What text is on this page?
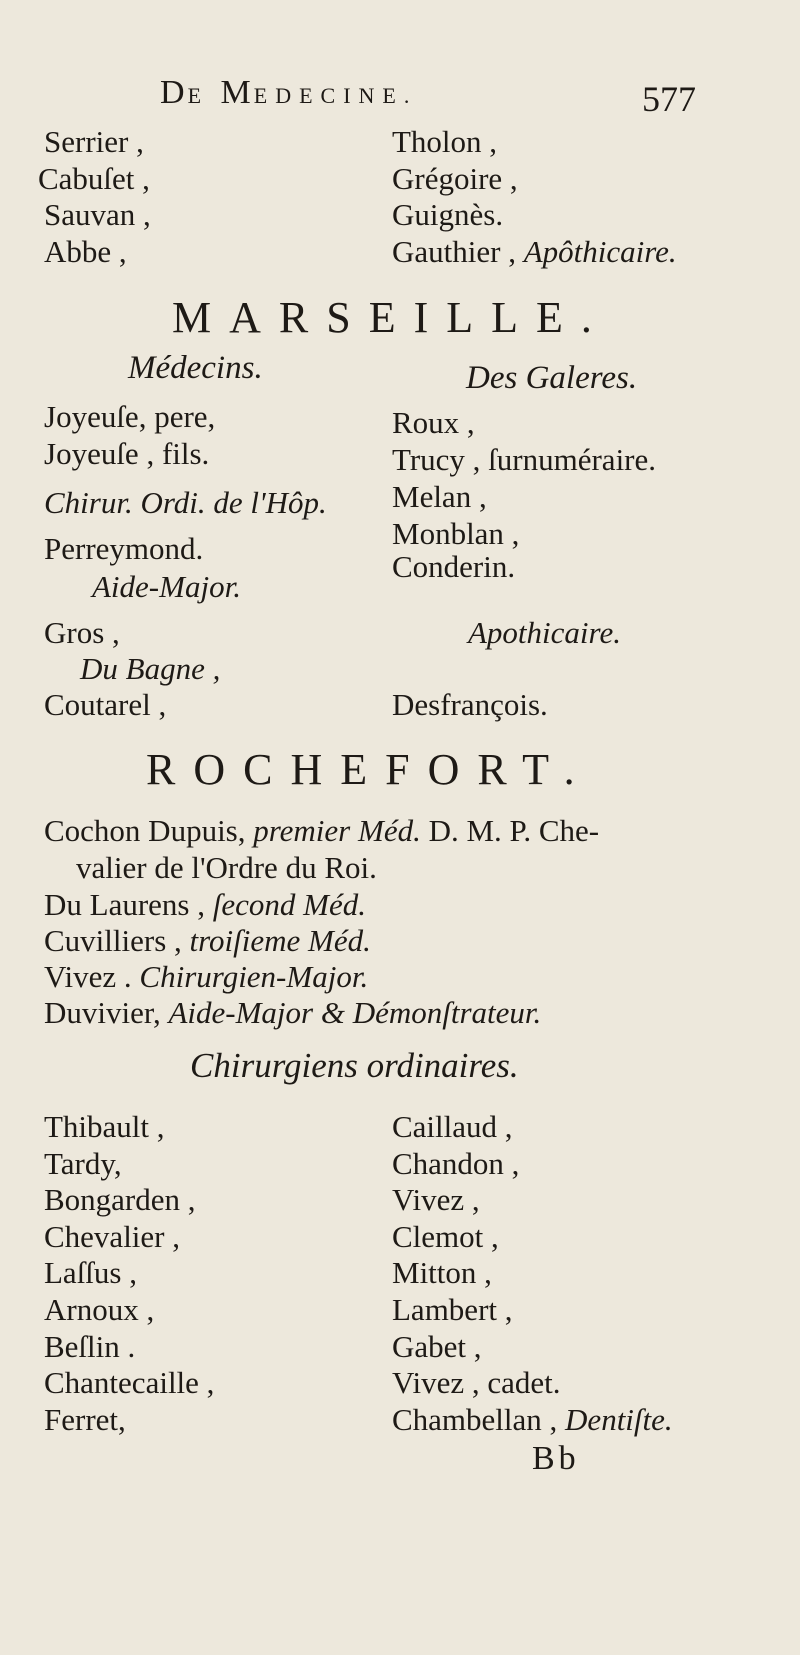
DE MEDECINE.	577
Serrier ,
Cabuſet ,
Sauvan ,
Abbe ,
Tholon ,
Grégoire ,
Guignès.
Gauthier , Apôthicaire.
MARSEILLE.
Médecins.	Des Galeres.
Joyeuſe, pere,
Joyeuſe , fils.
Chirur. Ordi. de l'Hôp.
Perreymond.
Aide-Major.
Gros ,
Du Bagne ,
Coutarel ,
Roux ,
Trucy , ſurnuméraire.
Melan ,
Monblan ,
Conderin.
Apothicaire.
Desfrançois.
ROCHEFORT.
Cochon Dupuis, premier Méd. D. M. P. Che-
valier de l'Ordre du Roi.
Du Laurens , ſecond Méd.
Cuvilliers , troiſieme Méd.
Vivez . Chirurgien-Major.
Duvivier, Aide-Major & Démonſtrateur.
Chirurgiens ordinaires.
Thibault ,
Tardy,
Bongarden ,
Chevalier ,
Laſſus ,
Arnoux ,
Beſlin .
Chantecaille ,
Ferret,
Caillaud ,
Chandon ,
Vivez ,
Clemot ,
Mitton ,
Lambert ,
Gabet ,
Vivez , cadet.
Chambellan , Dentiſte.
Bb
